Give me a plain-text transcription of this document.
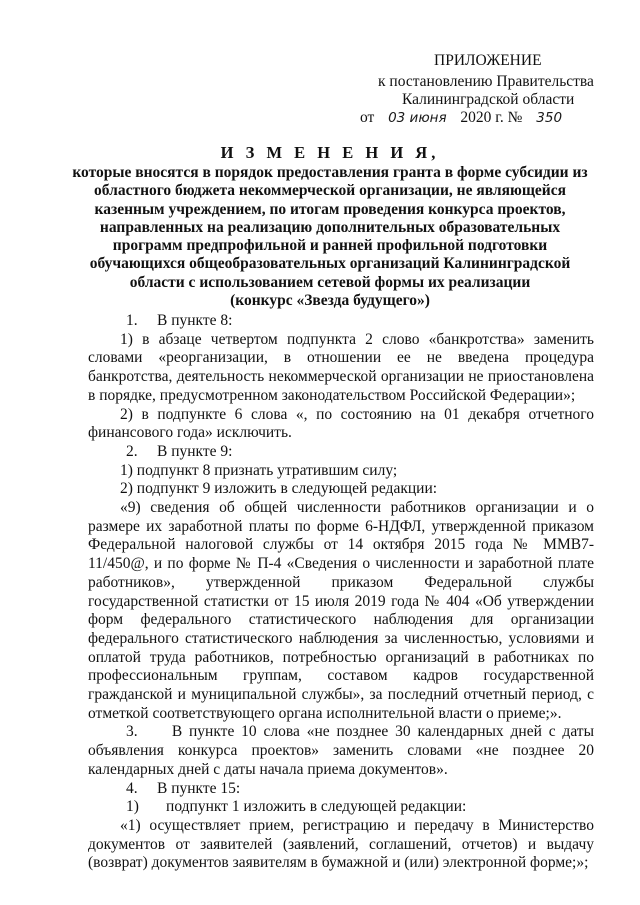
ПРИЛОЖЕНИЕ
к постановлению Правительства
Калининградской области
от 03 июня 2020 г. № 350
И З М Е Н Е Н И Я,
которые вносятся в порядок предоставления гранта в форме субсидии из
областного бюджета некоммерческой организации, не являющейся
казенным учреждением, по итогам проведения конкурса проектов,
направленных на реализацию дополнительных образовательных
программ предпрофильной и ранней профильной подготовки
обучающихся общеобразовательных организаций Калининградской
области с использованием сетевой формы их реализации
(конкурс «Звезда будущего»)

1.     В пункте 8:

1) в абзаце четвертом подпункта 2 слово «банкротства» заменить словами «реорганизации, в отношении ее не введена процедура банкротства, деятельность некоммерческой организации не приостановлена в порядке, предусмотренном законодательством Российской Федерации»;

2) в подпункте 6 слова «, по состоянию на 01 декабря отчетного финансового года» исключить.

2.     В пункте 9:

1) подпункт 8 признать утратившим силу;

2) подпункт 9 изложить в следующей редакции:

«9) сведения об общей численности работников организации и о размере их заработной платы по форме 6-НДФЛ, утвержденной приказом Федеральной налоговой службы от 14 октября 2015 года № ММВ7-11/450@, и по форме № П-4 «Сведения о численности и заработной плате работников», утвержденной приказом Федеральной службы государственной статистки от 15 июля 2019 года № 404 «Об утверждении форм федерального статистического наблюдения для организации федерального статистического наблюдения за численностью, условиями и оплатой труда работников, потребностью организаций в работниках по профессиональным группам, составом кадров государственной гражданской и муниципальной службы», за последний отчетный период, с отметкой соответствующего органа исполнительной власти о приеме;».

3.     В пункте 10 слова «не позднее 30 календарных дней с даты объявления конкурса проектов» заменить словами «не позднее 20 календарных дней с даты начала приема документов».

4.     В пункте 15:

1)       подпункт 1 изложить в следующей редакции:

«1) осуществляет прием, регистрацию и передачу в Министерство документов от заявителей (заявлений, соглашений, отчетов) и выдачу (возврат) документов заявителям в бумажной и (или) электронной форме;»;
